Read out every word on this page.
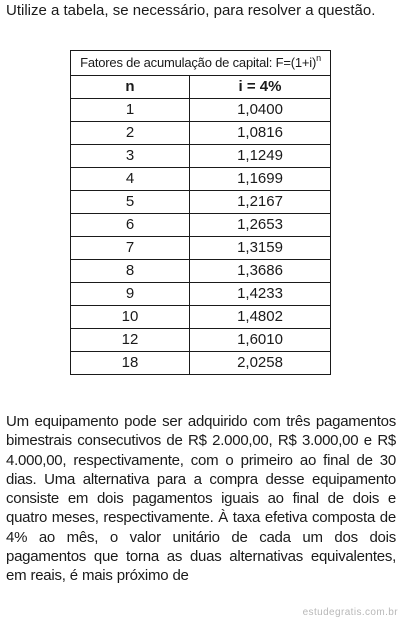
Utilize a tabela, se necessário, para resolver a questão.
Fatores de acumulação de capital: $F=(1+i)^n$
n	i = 4%
1	1,0400
2	1,0816
3	1,1249
4	1,1699
5	1,2167
6	1,2653
7	1,3159
8	1,3686
9	1,4233
10	1,4802
12	1,6010
18	2,0258
Um equipamento pode ser adquirido com três pagamentos bimestrais consecutivos de R$ 2.000,00, R$ 3.000,00 e R$ 4.000,00, respectivamente, com o primeiro ao final de 30 dias. Uma alternativa para a compra desse equipamento consiste em dois pagamentos iguais ao final de dois e quatro meses, respectivamente. À taxa efetiva composta de 4% ao mês, o valor unitário de cada um dos dois pagamentos que torna as duas alternativas equivalentes, em reais, é mais próximo de
estudegratis.com.br
